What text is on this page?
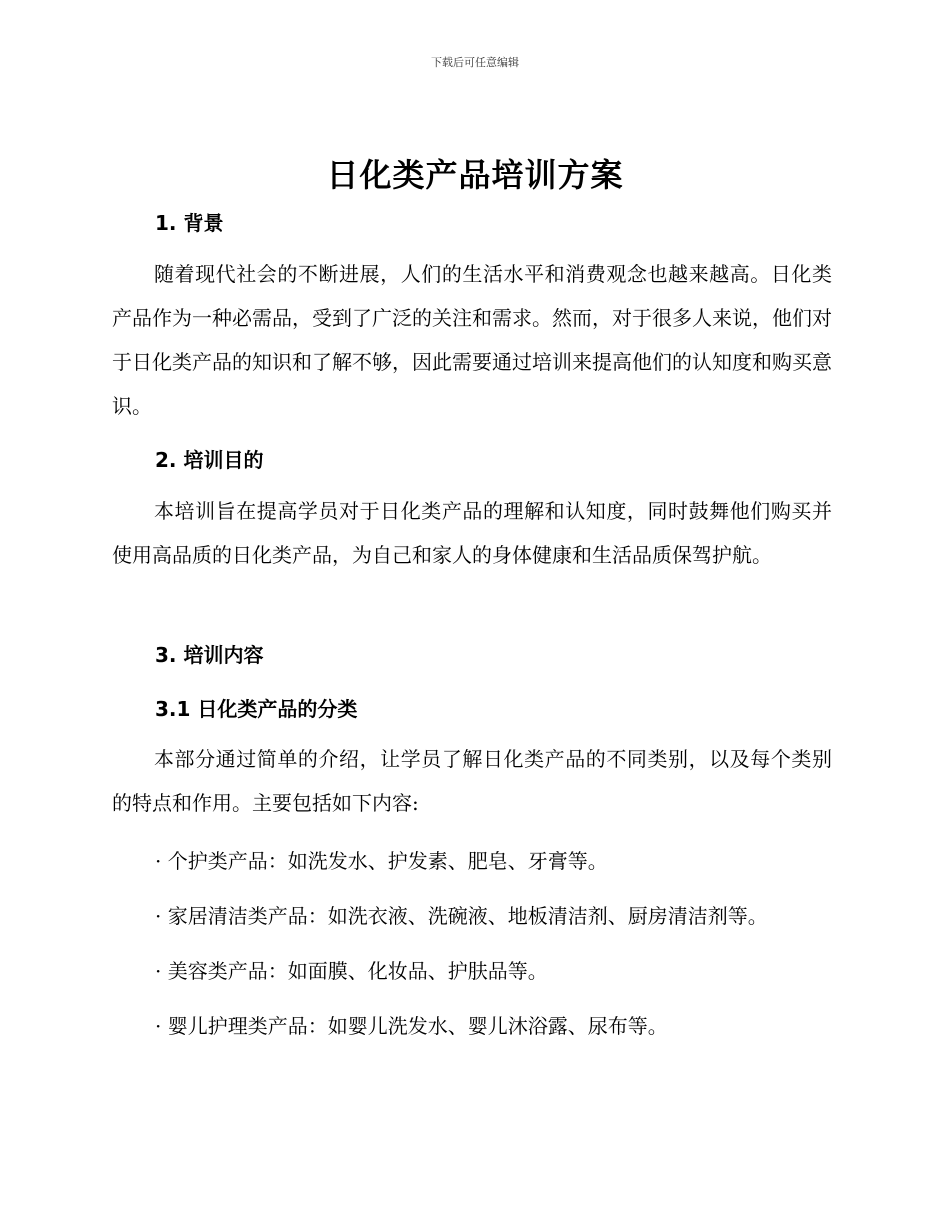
下载后可任意编辑
日化类产品培训方案
1. 背景

随着现代社会的不断进展，人们的生活水平和消费观念也越来越高。日化类产品作为一种必需品，受到了广泛的关注和需求。然而，对于很多人来说，他们对于日化类产品的知识和了解不够，因此需要通过培训来提高他们的认知度和购买意识。

2. 培训目的

本培训旨在提高学员对于日化类产品的理解和认知度，同时鼓舞他们购买并使用高品质的日化类产品，为自己和家人的身体健康和生活品质保驾护航。

3. 培训内容
3.1 日化类产品的分类

本部分通过简单的介绍，让学员了解日化类产品的不同类别，以及每个类别的特点和作用。主要包括如下内容:

· 个护类产品：如洗发水、护发素、肥皂、牙膏等。
· 家居清洁类产品：如洗衣液、洗碗液、地板清洁剂、厨房清洁剂等。
· 美容类产品：如面膜、化妆品、护肤品等。
· 婴儿护理类产品：如婴儿洗发水、婴儿沐浴露、尿布等。
